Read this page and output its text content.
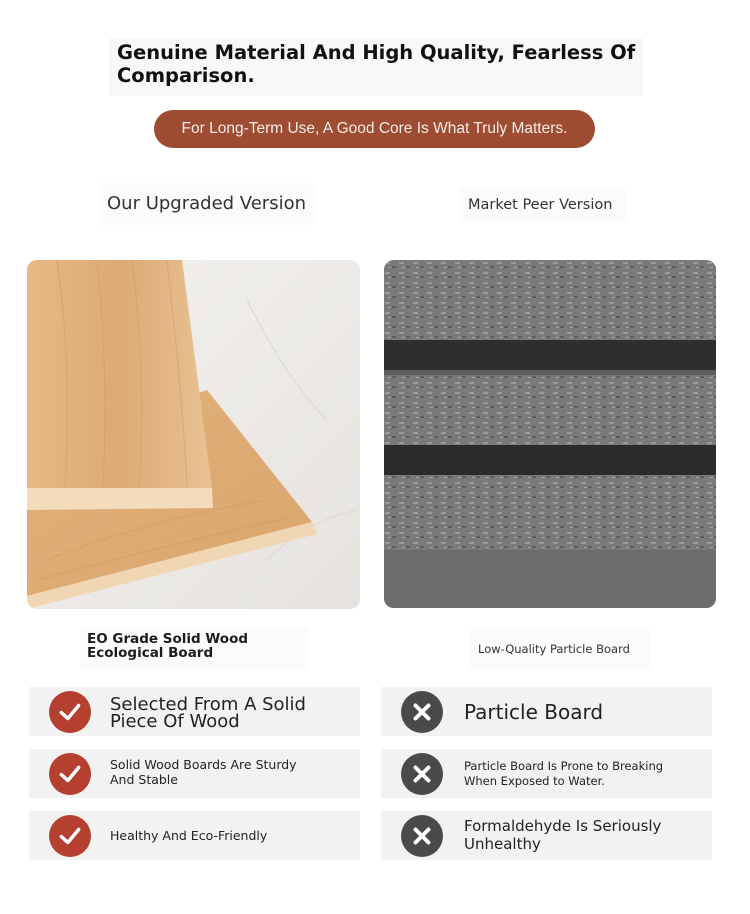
Genuine Material And High Quality, Fearless Of Comparison.
For Long-Term Use, A Good Core Is What Truly Matters.
Our Upgraded Version	Market Peer Version
EO Grade Solid Wood Ecological Board	Low-Quality Particle Board
Selected From A Solid Piece Of Wood
Solid Wood Boards Are Sturdy And Stable
Healthy And Eco-Friendly
Particle Board
Particle Board Is Prone to Breaking When Exposed to Water.
Formaldehyde Is Seriously Unhealthy
